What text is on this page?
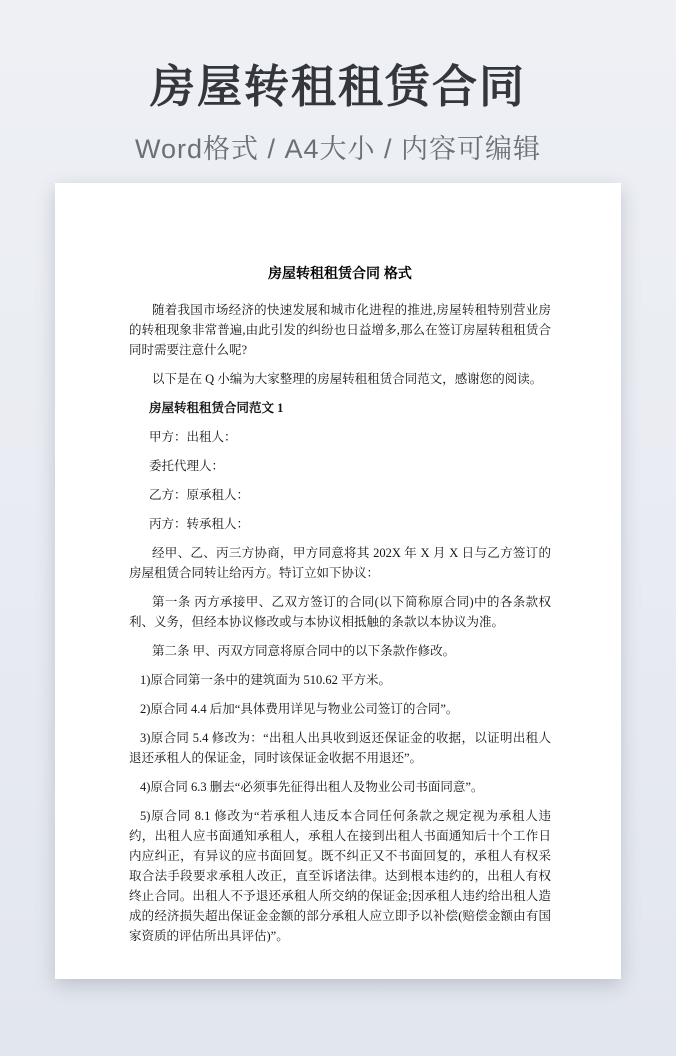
房屋转租租赁合同
Word格式 / A4大小 / 内容可编辑

房屋转租租赁合同 格式

随着我国市场经济的快速发展和城市化进程的推进,房屋转租特别营业房的转租现象非常普遍,由此引发的纠纷也日益增多,那么在签订房屋转租租赁合同时需要注意什么呢?

以下是在 Q 小编为大家整理的房屋转租租赁合同范文，感谢您的阅读。

房屋转租租赁合同范文 1

甲方：出租人：

委托代理人：

乙方：原承租人：

丙方：转承租人：

经甲、乙、丙三方协商，甲方同意将其 202X 年 X 月 X 日与乙方签订的房屋租赁合同转让给丙方。特订立如下协议：

第一条 丙方承接甲、乙双方签订的合同(以下简称原合同)中的各条款权利、义务，但经本协议修改或与本协议相抵触的条款以本协议为准。

第二条 甲、丙双方同意将原合同中的以下条款作修改。

1)原合同第一条中的建筑面为 510.62 平方米。

2)原合同 4.4 后加“具体费用详见与物业公司签订的合同”。

3)原合同 5.4 修改为：“出租人出具收到返还保证金的收据，以证明出租人退还承租人的保证金，同时该保证金收据不用退还”。

4)原合同 6.3 删去“必须事先征得出租人及物业公司书面同意”。

5)原合同 8.1 修改为“若承租人违反本合同任何条款之规定视为承租人违约，出租人应书面通知承租人，承租人在接到出租人书面通知后十个工作日内应纠正，有异议的应书面回复。既不纠正又不书面回复的，承租人有权采取合法手段要求承租人改正，直至诉诸法律。达到根本违约的，出租人有权终止合同。出租人不予退还承租人所交纳的保证金;因承租人违约给出租人造成的经济损失超出保证金金额的部分承租人应立即予以补偿(赔偿金额由有国家资质的评估所出具评估)”。
